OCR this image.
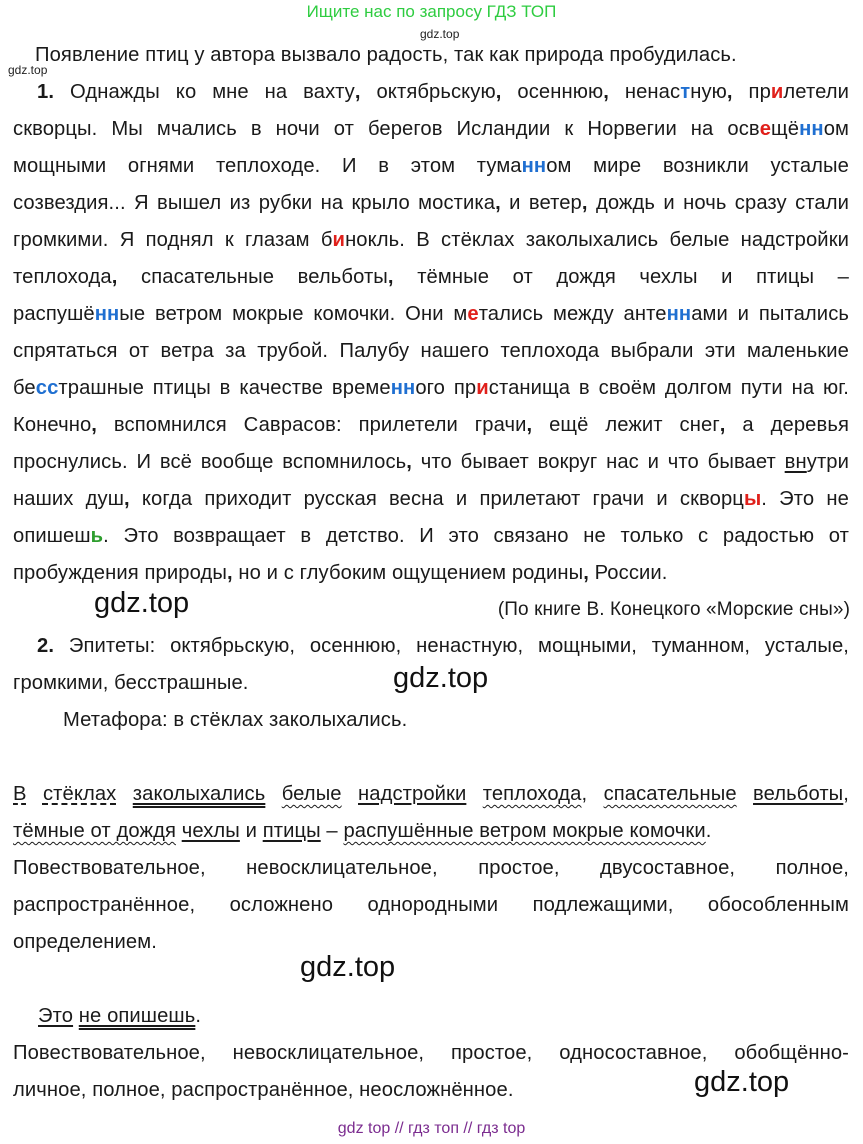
Ищите нас по запросу ГДЗ ТОП
gdz.top
gdz.top
Появление птиц у автора вызвало радость, так как природа пробудилась.
1. Однажды ко мне на вахту, октябрьскую, осеннюю, ненастную, прилетели
скворцы. Мы мчались в ночи от берегов Исландии к Норвегии на освещённом
мощными огнями теплоходе. И в этом туманном мире возникли усталые
созвездия... Я вышел из рубки на крыло мостика, и ветер, дождь и ночь сразу стали
громкими. Я поднял к глазам бинокль. В стёклах заколыхались белые надстройки
теплохода, спасательные вельботы, тёмные от дождя чехлы и птицы –
распушённые ветром мокрые комочки. Они метались между антеннами и пытались
спрятаться от ветра за трубой. Палубу нашего теплохода выбрали эти маленькие
бесстрашные птицы в качестве временного пристанища в своём долгом пути на юг.
Конечно, вспомнился Саврасов: прилетели грачи, ещё лежит снег, а деревья
проснулись. И всё вообще вспомнилось, что бывает вокруг нас и что бывает внутри
наших душ, когда приходит русская весна и прилетают грачи и скворцы. Это не
опишешь. Это возвращает в детство. И это связано не только с радостью от
пробуждения природы, но и с глубоким ощущением родины, России.
gdz.top	(По книге В. Конецкого «Морские сны»)
2. Эпитеты: октябрьскую, осеннюю, ненастную, мощными, туманном, усталые,
громкими, бесстрашные.	gdz.top
Метафора: в стёклах заколыхались.
В стёклах заколыхались белые надстройки теплохода, спасательные вельботы,
тёмные от дождя чехлы и птицы – распушённые ветром мокрые комочки.
Повествовательное, невосклицательное, простое, двусоставное, полное,
распространённое, осложнено однородными подлежащими, обособленным
определением.
gdz.top
Это не опишешь.
Повествовательное, невосклицательное, простое, односоставное, обобщённо-
личное, полное, распространённое, неосложнённое.	gdz.top
gdz top // гдз топ // гдз top
